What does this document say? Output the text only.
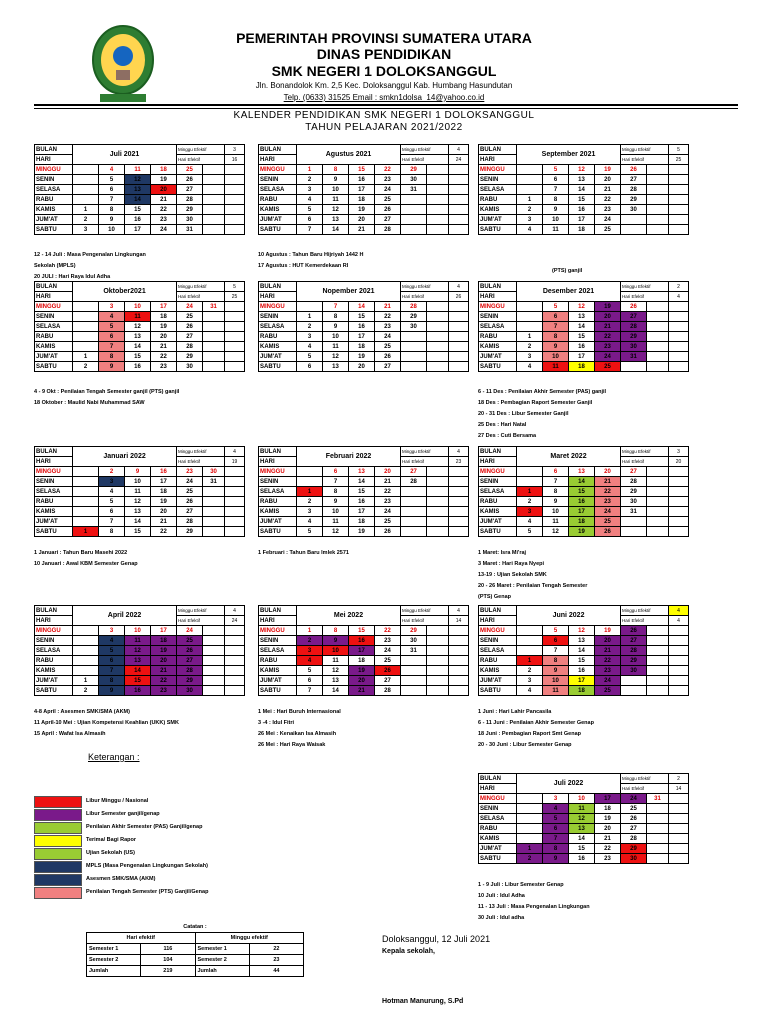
PEMERINTAH PROVINSI SUMATERA UTARA
DINAS PENDIDIKAN
SMK NEGERI 1 DOLOKSANGGUL
Jln. Bonandolok Km. 2,5 Kec. Doloksanggul Kab. Humbang Hasundutan
Telp. (0633) 31525 Email : smkn1dolsa_14@yahoo.co.id
KALENDER PENDIDIKAN SMK NEGERI 1 DOLOKSANGGUL
TAHUN PELAJARAN 2021/2022
BULAN	Juli 2021				Minggu Efektif		3
HARI					Hari Efektif		16
MINGGU		4	11	18	25		
SENIN		5	12	19	26		
SELASA		6	13	20	27		
RABU		7	14	21	28		
KAMIS	1	8	15	22	29		
JUM'AT	2	9	16	23	30		
SABTU	3	10	17	24	31		
BULAN	Agustus 2021				Minggu Efektif		4
HARI					Hari Efektif		24
MINGGU	1	8	15	22	29		
SENIN	2	9	16	23	30		
SELASA	3	10	17	24	31		
RABU	4	11	18	25			
KAMIS	5	12	19	26			
JUM'AT	6	13	20	27			
SABTU	7	14	21	28			
BULAN	September 2021				Minggu Efektif		5
HARI					Hari Efektif		25
MINGGU		5	12	19	26		
SENIN		6	13	20	27		
SELASA		7	14	21	28		
RABU	1	8	15	22	29		
KAMIS	2	9	16	23	30		
JUM'AT	3	10	17	24			
SABTU	4	11	18	25			
BULAN	Oktober2021				Minggu Efektif		5
HARI					Hari Efektif		25
MINGGU		3	10	17	24	31	
SENIN		4	11	18	25		
SELASA		5	12	19	26		
RABU		6	13	20	27		
KAMIS		7	14	21	28		
JUM'AT	1	8	15	22	29		
SABTU	2	9	16	23	30		
BULAN	Nopember 2021				Minggu Efektif		4
HARI					Hari Efektif		26
MINGGU		7	14	21	28		
SENIN	1	8	15	22	29		
SELASA	2	9	16	23	30		
RABU	3	10	17	24			
KAMIS	4	11	18	25			
JUM'AT	5	12	19	26			
SABTU	6	13	20	27			
BULAN	Desember 2021				Minggu Efektif		2
HARI					Hari Efektif		4
MINGGU		5	12	19	26		
SENIN		6	13	20	27		
SELASA		7	14	21	28		
RABU	1	8	15	22	29		
KAMIS	2	9	16	23	30		
JUM'AT	3	10	17	24	31		
SABTU	4	11	18	25			
BULAN	Januari 2022				Minggu Efektif		4
HARI					Hari Efektif		19
MINGGU		2	9	16	23	30	
SENIN		3	10	17	24	31	
SELASA		4	11	18	25		
RABU		5	12	19	26		
KAMIS		6	13	20	27		
JUM'AT		7	14	21	28		
SABTU	1	8	15	22	29		
BULAN	Februari 2022				Minggu Efektif		4
HARI					Hari Efektif		23
MINGGU		6	13	20	27		
SENIN		7	14	21	28		
SELASA	1	8	15	22			
RABU	2	9	16	23			
KAMIS	3	10	17	24			
JUM'AT	4	11	18	25			
SABTU	5	12	19	26			
BULAN	Maret 2022				Minggu Efektif		3
HARI					Hari Efektif		20
MINGGU		6	13	20	27		
SENIN		7	14	21	28		
SELASA	1	8	15	22	29		
RABU	2	9	16	23	30		
KAMIS	3	10	17	24	31		
JUM'AT	4	11	18	25			
SABTU	5	12	19	26			
BULAN	April 2022				Minggu Efektif		4
HARI					Hari Efektif		24
MINGGU		3	10	17	24		
SENIN		4	11	18	25		
SELASA		5	12	19	26		
RABU		6	13	20	27		
KAMIS		7	14	21	28		
JUM'AT	1	8	15	22	29		
SABTU	2	9	16	23	30		
BULAN	Mei 2022				Minggu Efektif		4
HARI					Hari Efektif		14
MINGGU	1	8	15	22	29		
SENIN	2	9	16	23	30		
SELASA	3	10	17	24	31		
RABU	4	11	18	25			
KAMIS	5	12	19	26			
JUM'AT	6	13	20	27			
SABTU	7	14	21	28			
BULAN	Juni 2022				Minggu Efektif		4
HARI					Hari Efektif		4
MINGGU		5	12	19	26		
SENIN		6	13	20	27		
SELASA		7	14	21	28		
RABU	1	8	15	22	29		
KAMIS	2	9	16	23	30		
JUM'AT	3	10	17	24			
SABTU	4	11	18	25			
BULAN	Juli 2022				Minggu Efektif		2
HARI					Hari Efektif		14
MINGGU		3	10	17	24	31	
SENIN		4	11	18	25		
SELASA		5	12	19	26		
RABU		6	13	20	27		
KAMIS		7	14	21	28		
JUM'AT	1	8	15	22	29		
SABTU	2	9	16	23	30		
12 - 14 Juli : Masa Pengenalan Lingkungan
Sekolah (MPLS)
20 JULI : Hari Raya Idul Adha
10 Agustus : Tahun Baru Hijriyah 1442 H
17 Agustus : HUT Kemerdekaan RI
(PTS) ganjil
4 - 9 Okt : Penilaian Tengah Semester ganjil (PTS) ganjil
18 Oktober : Maulid Nabi Muhammad SAW
6 - 11 Des : Penilaian Akhir Semester (PAS) ganjil
18 Des : Pembagian Raport Semester Ganjil
20 - 31 Des : Libur Semester Ganjil
25 Des : Hari Natal
27 Des : Cuti Bersama
1 Januari : Tahun Baru Masehi 2022
10 Januari : Awal KBM Semester Genap
1 Februari : Tahun Baru Imlek 2571	1 Maret: Isra Mi'raj
3 Maret : Hari Raya Nyepi
13-19 : Ujian Sekolah SMK
20 - 26 Maret : Penilaian Tengah Semester
(PTS) Genap
4-8 April : Asesmen SMK/SMA (AKM)
11 April-10 Mei : Ujian Kompetensi Keahlian (UKK) SMK
15 April : Wafat Isa Almasih
1 Mei : Hari Buruh Internasional
3 -4 : Idul Fitri
26 Mei : Kenaikan Isa Almasih
26 Mei : Hari Raya Waisak
1 Juni : Hari Lahir Pancasila
6 - 11 Juni : Penilaian Akhir Semester Genap
18 Juni : Pembagian Raport Smt Genap
20 - 30 Juni : Libur Semester Genap
1 - 9 Juli : Libur Semester Genap
10 Juli : Idul Adha
11 - 13 Juli : Masa Pengenalan Lingkungan
30 Juli : Idul adha
Keterangan :
Libur Minggu / Nasional
Libur Semester ganjil/genap
Penilaian Akhir Semester (PAS) Ganjil/genap
Terima/ Bagi Rapor
Ujian Sekolah (US)
MPLS (Masa Pengenalan Lingkungan Sekolah)
Asesmen SMK/SMA (AKM)
Penilaian Tengah Semester (PTS) Ganjil/Genap
Catatan :			
Hari efektif		Minggu efektif	
Semester 1	116	Semester 1	22
Semester 2	104	Semester 2	23
Jumlah	219	Jumlah	44
Doloksanggul, 12 Juli 2021
Kepala sekolah,
Hotman Manurung, S.Pd
